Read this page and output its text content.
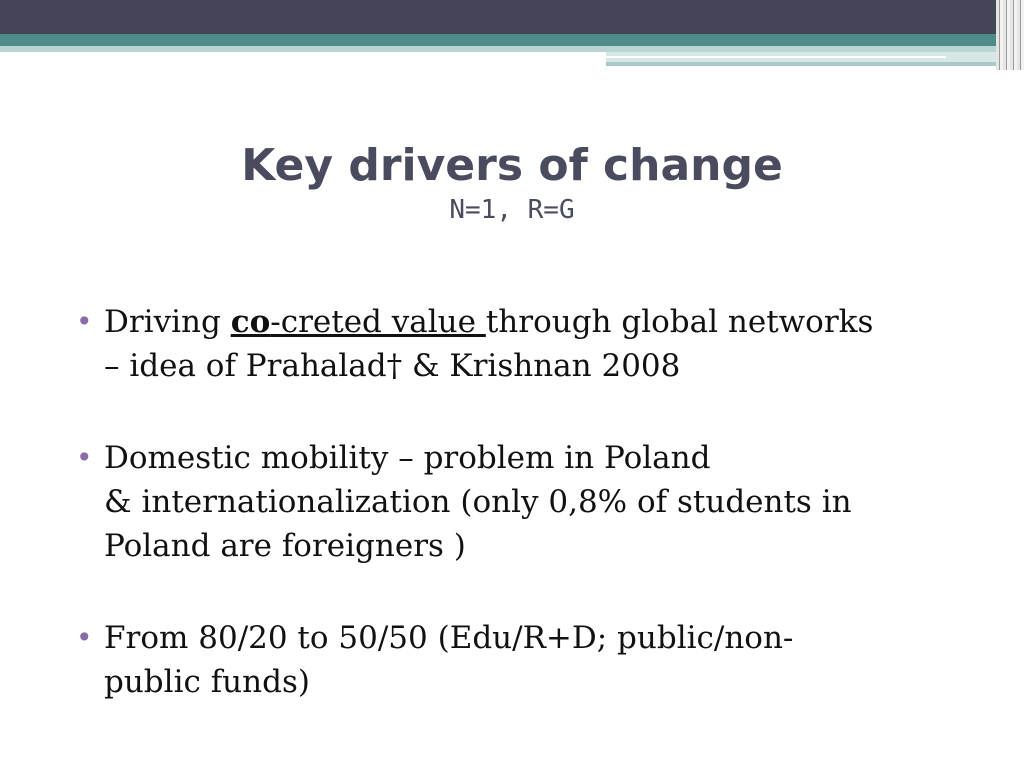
Key drivers of change

N=1, R=G

• Driving co-creted value through global networks
– idea of Prahalad† & Krishnan 2008
• Domestic mobility – problem in Poland
& internationalization (only 0,8% of students in
Poland are foreigners )
• From 80/20 to 50/50 (Edu/R+D; public/non-
public funds)
